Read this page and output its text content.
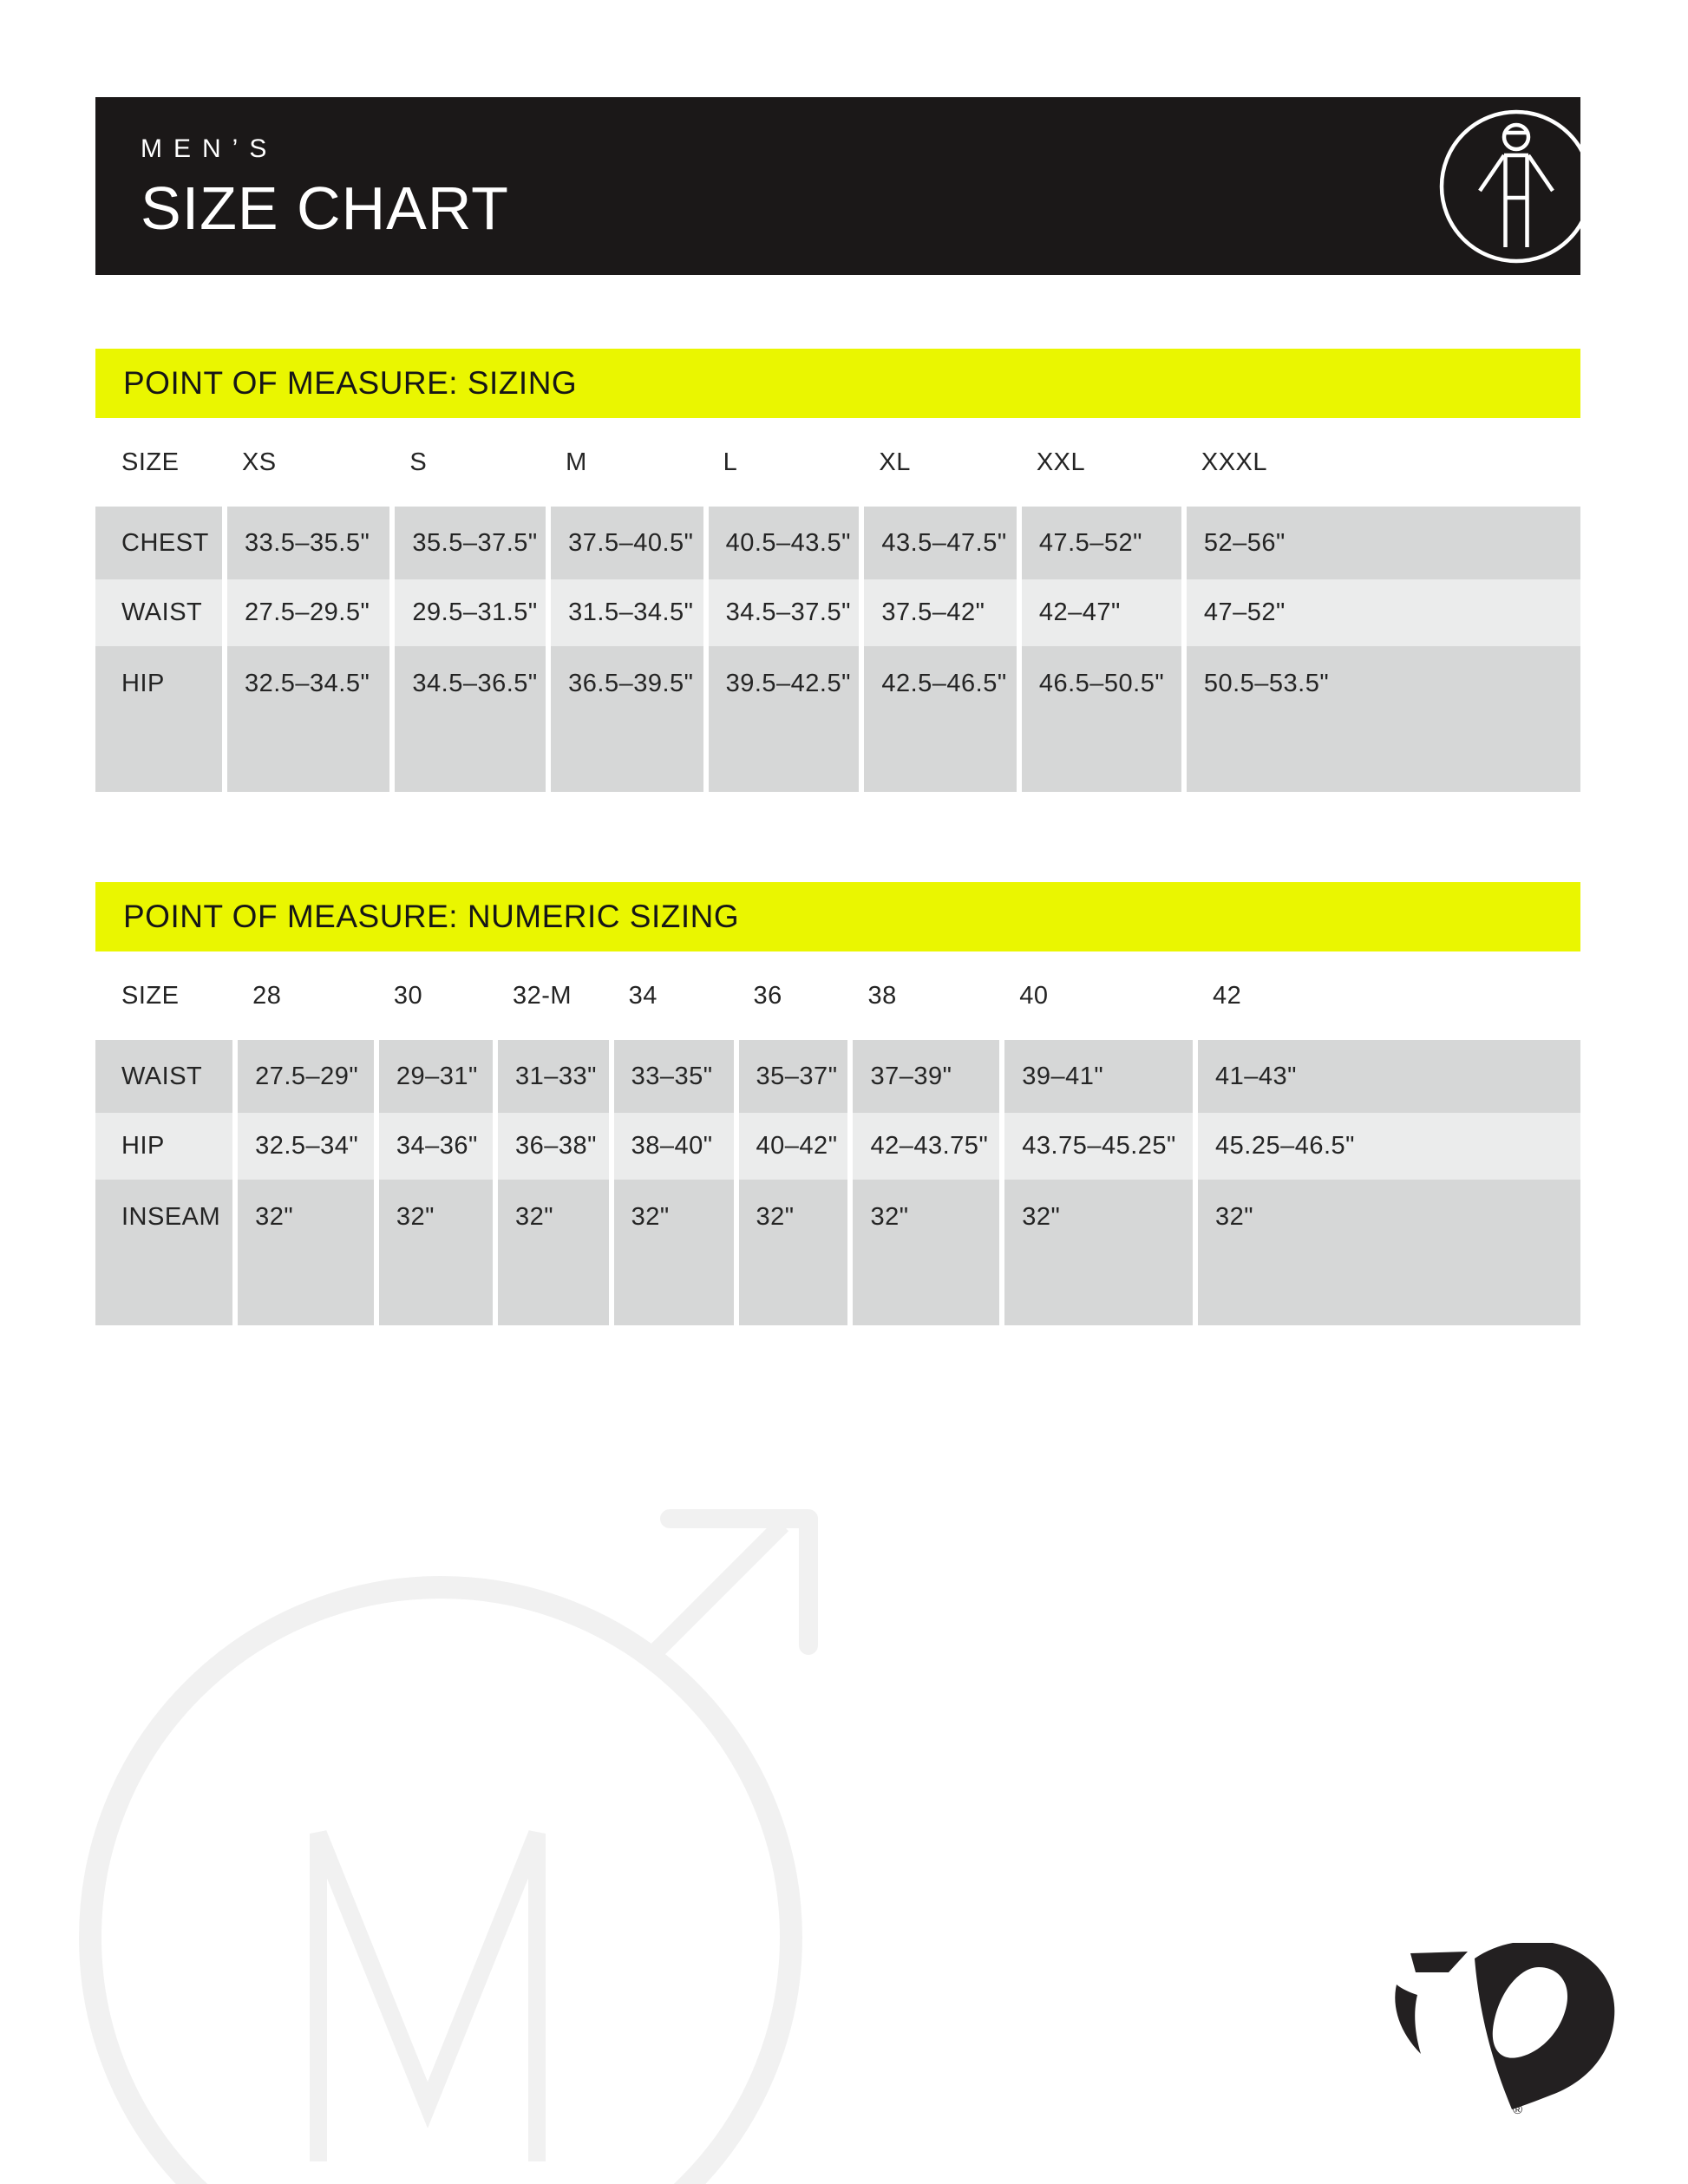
MEN’S
SIZE CHART
POINT OF MEASURE: SIZING
SIZE	XS	S	M	L	XL	XXL	XXXL

CHEST	33.5–35.5"	35.5–37.5"	37.5–40.5"	40.5–43.5"	43.5–47.5"	47.5–52"	52–56"
WAIST	27.5–29.5"	29.5–31.5"	31.5–34.5"	34.5–37.5"	37.5–42"	42–47"	47–52"
HIP	32.5–34.5"	34.5–36.5"	36.5–39.5"	39.5–42.5"	42.5–46.5"	46.5–50.5"	50.5–53.5"
POINT OF MEASURE: NUMERIC SIZING
SIZE	28	30	32-M	34	36	38	40	42

WAIST	27.5–29"	29–31"	31–33"	33–35"	35–37"	37–39"	39–41"	41–43"
HIP	32.5–34"	34–36"	36–38"	38–40"	40–42"	42–43.75"	43.75–45.25"	45.25–46.5"
INSEAM	32"	32"	32"	32"	32"	32"	32"	32"
®
